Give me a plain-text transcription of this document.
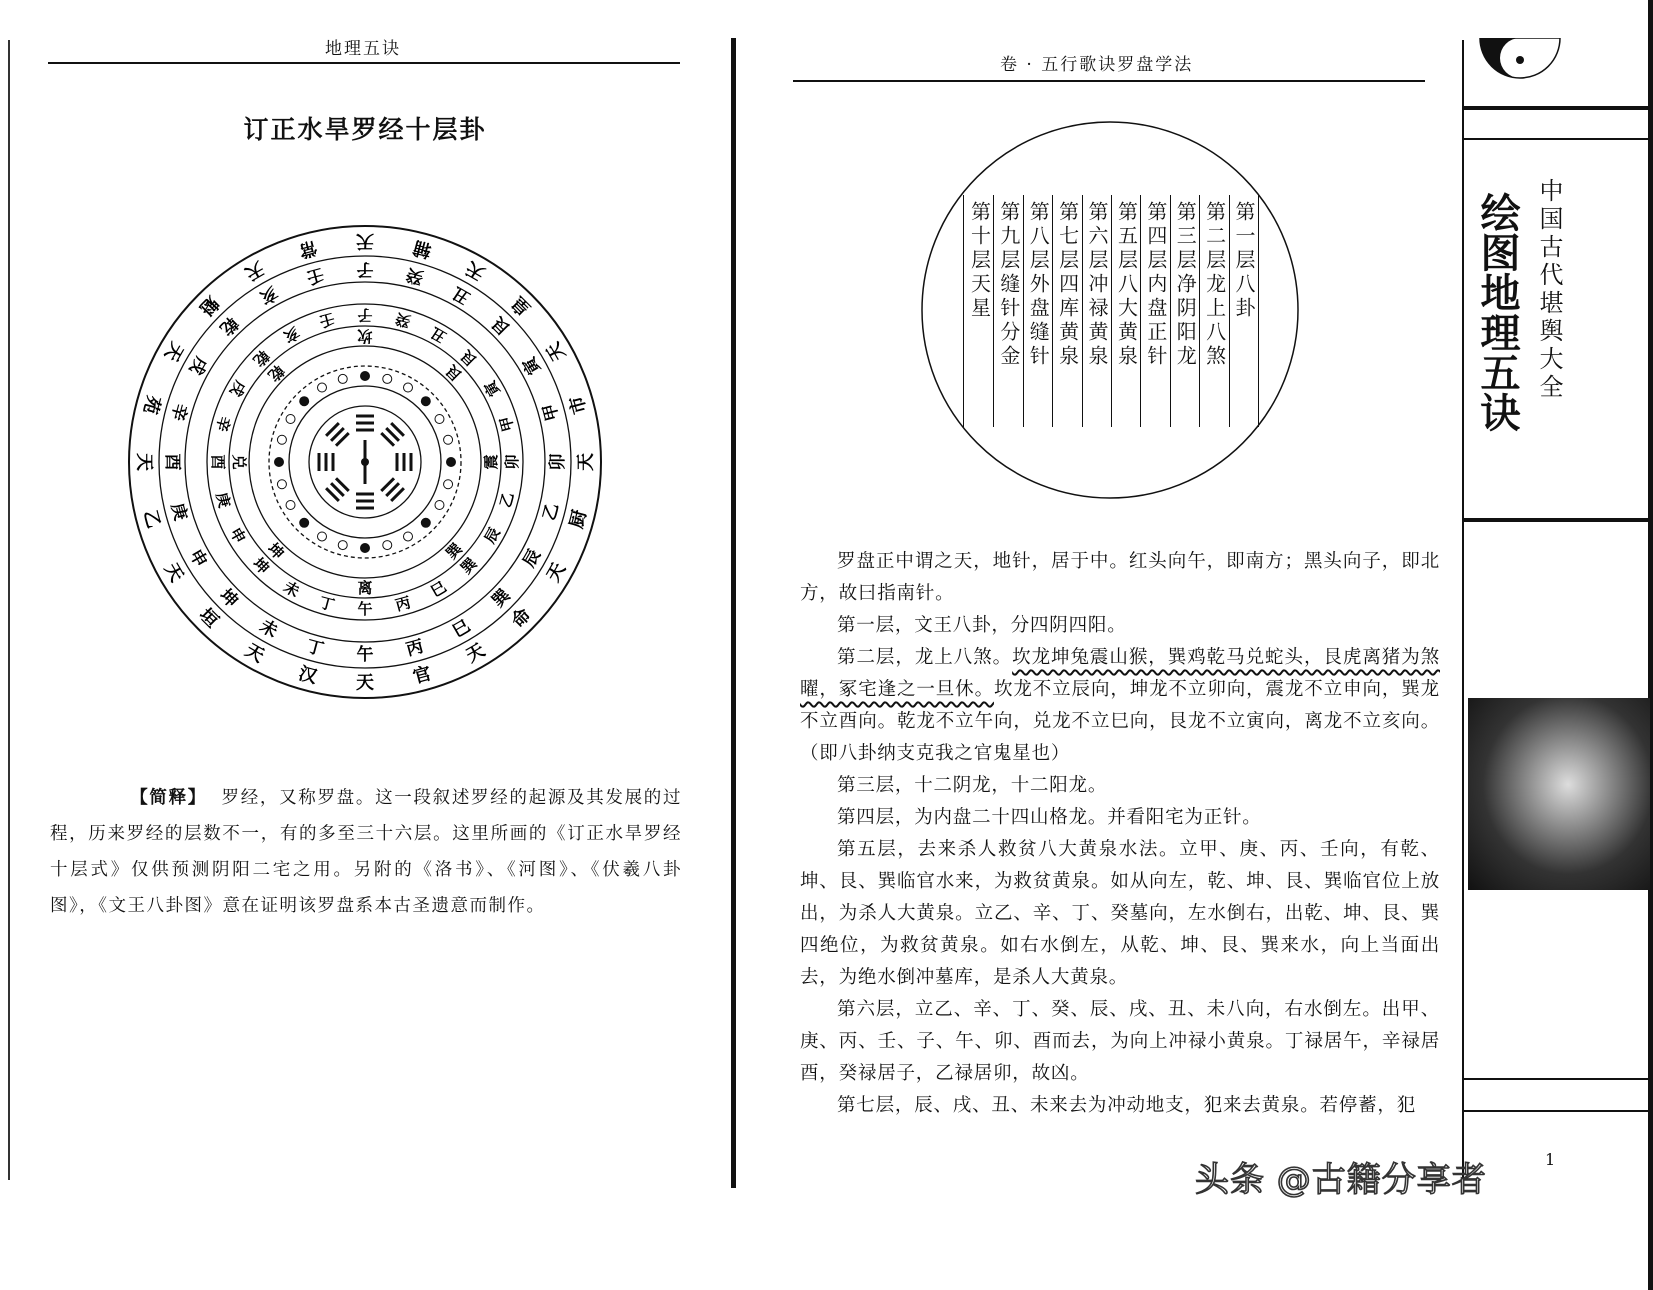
地理五诀
订正水旱罗经十层卦
天 辅
天
皇
天
市
天
厨
天
命
天
官
天
汉
天
垣
天
乙
天
苑
天
魁
天
常
子 癸
丑
艮
寅
甲
卯
乙
辰
巽
巳
丙
午
丁
未
坤
申
庚
酉
辛
戌
乾
亥
壬
子 癸
丑
艮
寅
甲
卯
乙
辰
巽
巳
丙
午
丁
未
坤
申
庚
酉
辛
戌
乾
亥
壬
坎
艮
震
巽
离
坤
兑
乾
【简释】 罗经，又称罗盘。这一段叙述罗经的起源及其发展的过程，历来罗经的层数不一，有的多至三十六层。这里所画的《订正水旱罗经十层式》仅供预测阴阳二宅之用。另附的《洛书》、《河图》、《伏羲八卦图》，《文王八卦图》意在证明该罗盘系本古圣遗意而制作。
卷 · 五行歌诀罗盘学法
第一层八卦
第二层龙上八煞
第三层净阴阳龙
第四层内盘正针
第五层八大黄泉
第六层冲禄黄泉
第七层四库黄泉
第八层外盘缝针
第九层缝针分金
第十层天星

罗盘正中谓之天，地针，居于中。红头向午，即南方；黑头向子，即北方，故曰指南针。

第一层，文王八卦，分四阴四阳。

第二层，龙上八煞。坎龙坤兔震山猴，巽鸡乾马兑蛇头，艮虎离猪为煞曜，冢宅逢之一旦休。坎龙不立辰向，坤龙不立卯向，震龙不立申向，巽龙不立酉向。乾龙不立午向，兑龙不立巳向，艮龙不立寅向，离龙不立亥向。（即八卦纳支克我之官鬼星也）

第三层，十二阴龙，十二阳龙。

第四层，为内盘二十四山格龙。并看阳宅为正针。

第五层，去来杀人救贫八大黄泉水法。立甲、庚、丙、壬向，有乾、坤、艮、巽临官水来，为救贫黄泉。如从向左，乾、坤、艮、巽临官位上放出，为杀人大黄泉。立乙、辛、丁、癸墓向，左水倒右，出乾、坤、艮、巽四绝位，为救贫黄泉。如右水倒左，从乾、坤、艮、巽来水，向上当面出去，为绝水倒冲墓库，是杀人大黄泉。

第六层，立乙、辛、丁、癸、辰、戌、丑、未八向，右水倒左。出甲、庚、丙、壬、子、午、卯、酉而去，为向上冲禄小黄泉。丁禄居午，辛禄居酉，癸禄居子，乙禄居卯，故凶。

第七层，辰、戌、丑、未来去为冲动地支，犯来去黄泉。若停蓄，犯

1
绘图地理五诀 中国古代堪舆大全
头条 @古籍分享者
